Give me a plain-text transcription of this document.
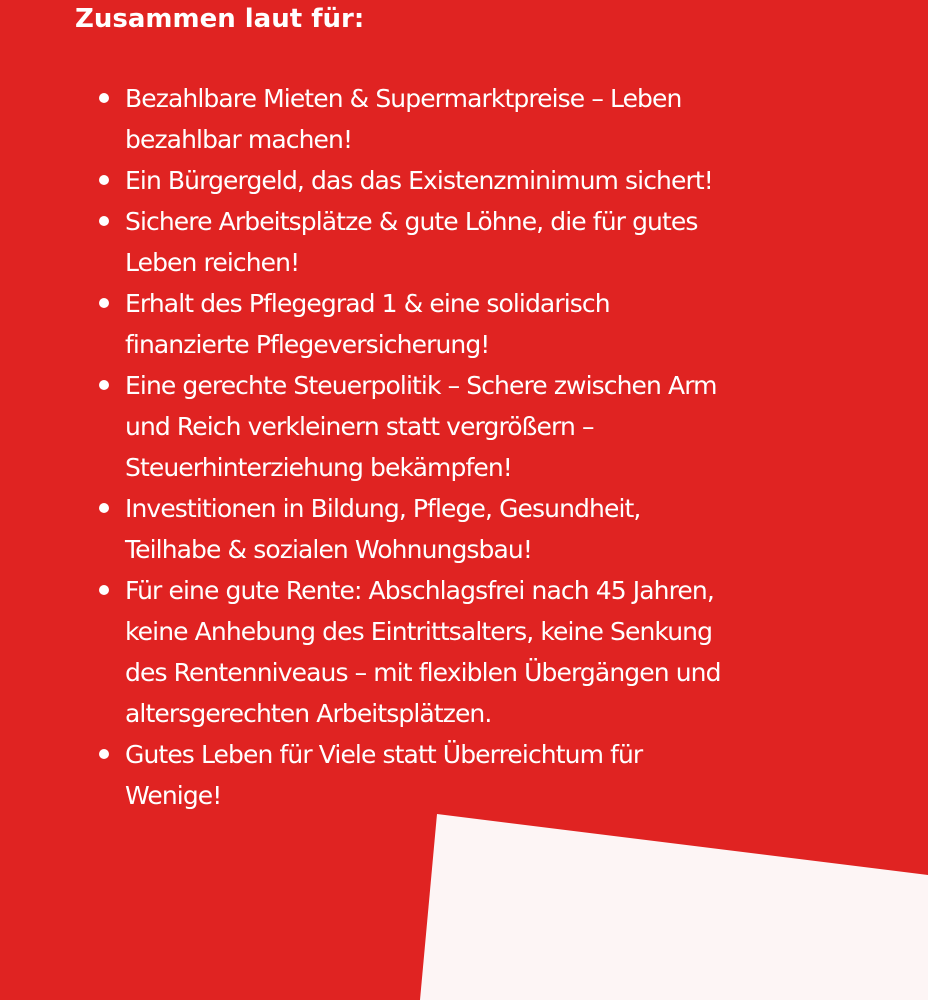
Zusammen laut für:
Bezahlbare Mieten & Supermarktpreise – Leben
bezahlbar machen!
Ein Bürgergeld, das das Existenzminimum sichert!
Sichere Arbeitsplätze & gute Löhne, die für gutes
Leben reichen!
Erhalt des Pflegegrad 1 & eine solidarisch
finanzierte Pflegeversicherung!
Eine gerechte Steuerpolitik – Schere zwischen Arm
und Reich verkleinern statt vergrößern –
Steuerhinterziehung bekämpfen!
Investitionen in Bildung, Pflege, Gesundheit,
Teilhabe & sozialen Wohnungsbau!
Für eine gute Rente: Abschlagsfrei nach 45 Jahren,
keine Anhebung des Eintrittsalters, keine Senkung
des Rentenniveaus – mit flexiblen Übergängen und
altersgerechten Arbeitsplätzen.
Gutes Leben für Viele statt Überreichtum für
Wenige!
